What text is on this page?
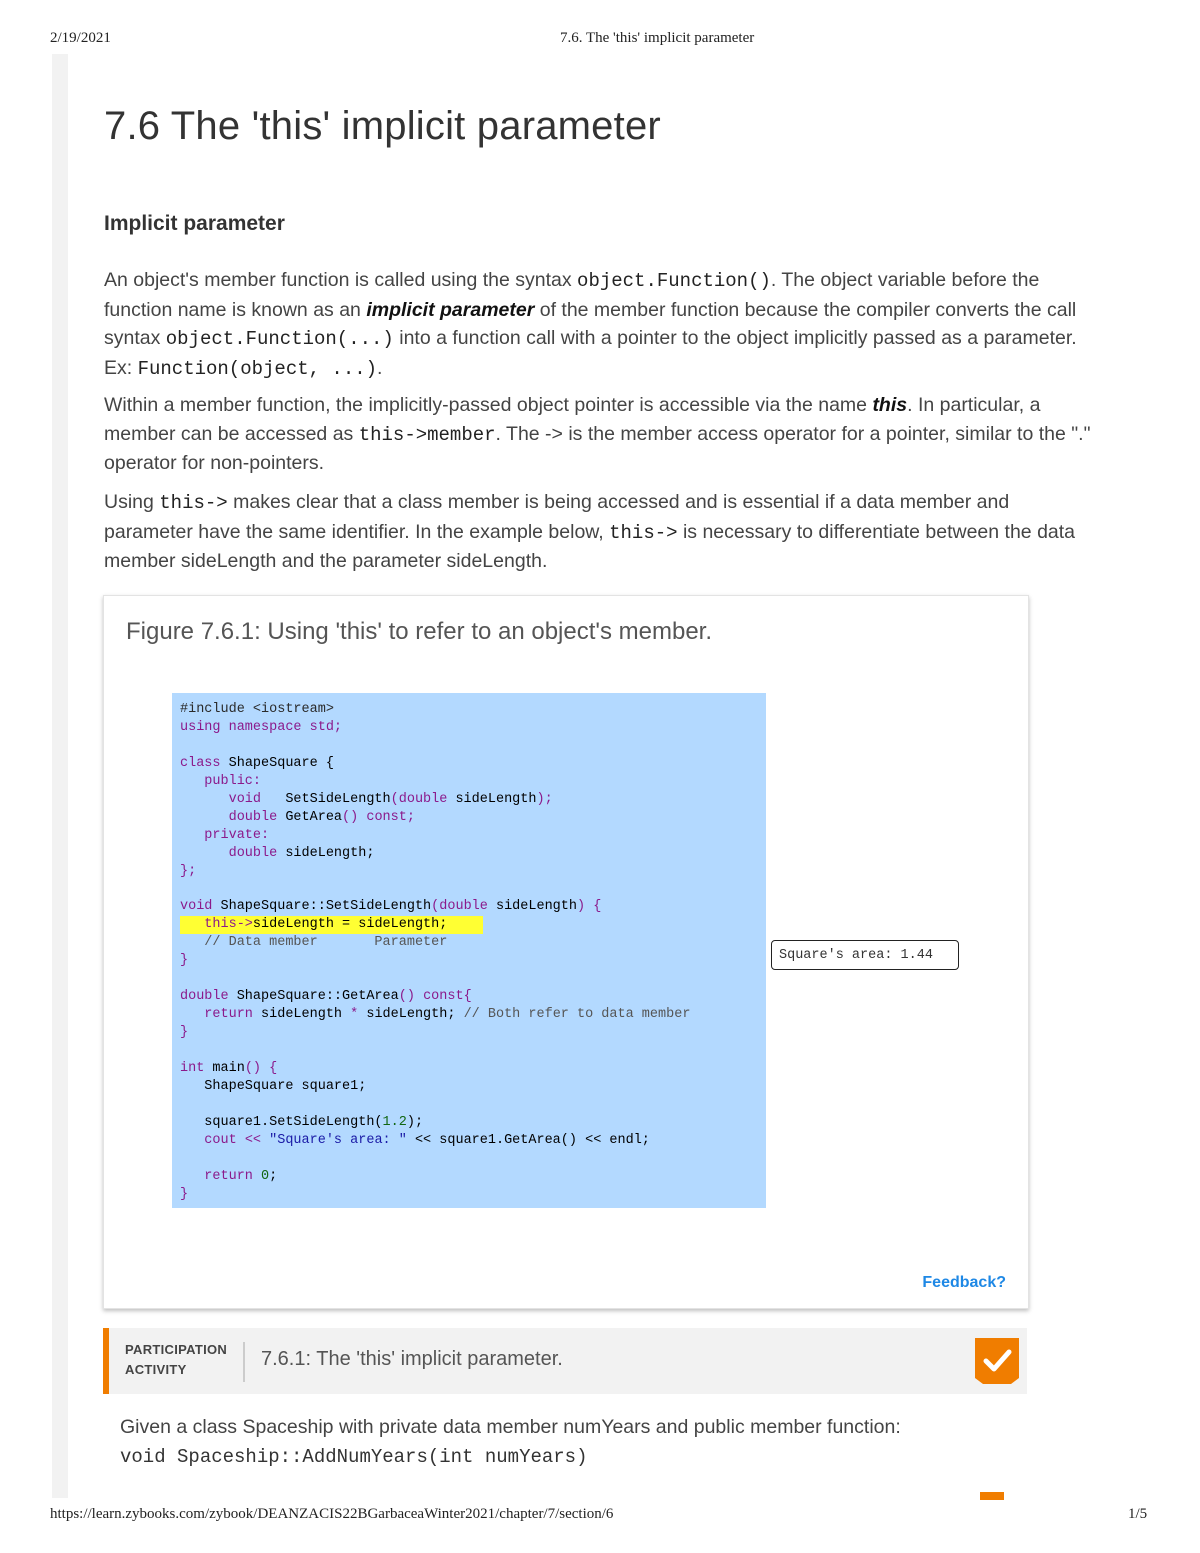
2/19/2021	7.6. The 'this' implicit parameter
7.6 The 'this' implicit parameter
Implicit parameter

An object's member function is called using the syntax object.Function(). The object variable before the function name is known as an implicit parameter of the member function because the compiler converts the call syntax object.Function(...) into a function call with a pointer to the object implicitly passed as a parameter. Ex: Function(object, ...).

Within a member function, the implicitly-passed object pointer is accessible via the name this. In particular, a member can be accessed as this->member. The -> is the member access operator for a pointer, similar to the "." operator for non-pointers.

Using this-> makes clear that a class member is being accessed and is essential if a data member and parameter have the same identifier. In the example below, this-> is necessary to differentiate between the data member sideLength and the parameter sideLength.

Figure 7.6.1: Using 'this' to refer to an object's member.
#include <iostream>
using namespace std;

class ShapeSquare {
public:
void   SetSideLength(double sideLength);
double GetArea() const;
private:
double sideLength;
};

void ShapeSquare::SetSideLength(double sideLength) {
this->sideLength = sideLength;
// Data member       Parameter
}

double ShapeSquare::GetArea() const{
return sideLength * sideLength; // Both refer to data member
}

int main() {
ShapeSquare square1;

square1.SetSideLength(1.2);
cout << "Square's area: " << square1.GetArea() << endl;

return 0;
}
Square's area: 1.44
Feedback?
PARTICIPATION
ACTIVITY	7.6.1: The 'this' implicit parameter.
Given a class Spaceship with private data member numYears and public member function:
void Spaceship::AddNumYears(int numYears)
https://learn.zybooks.com/zybook/DEANZACIS22BGarbaceaWinter2021/chapter/7/section/6	1/5
